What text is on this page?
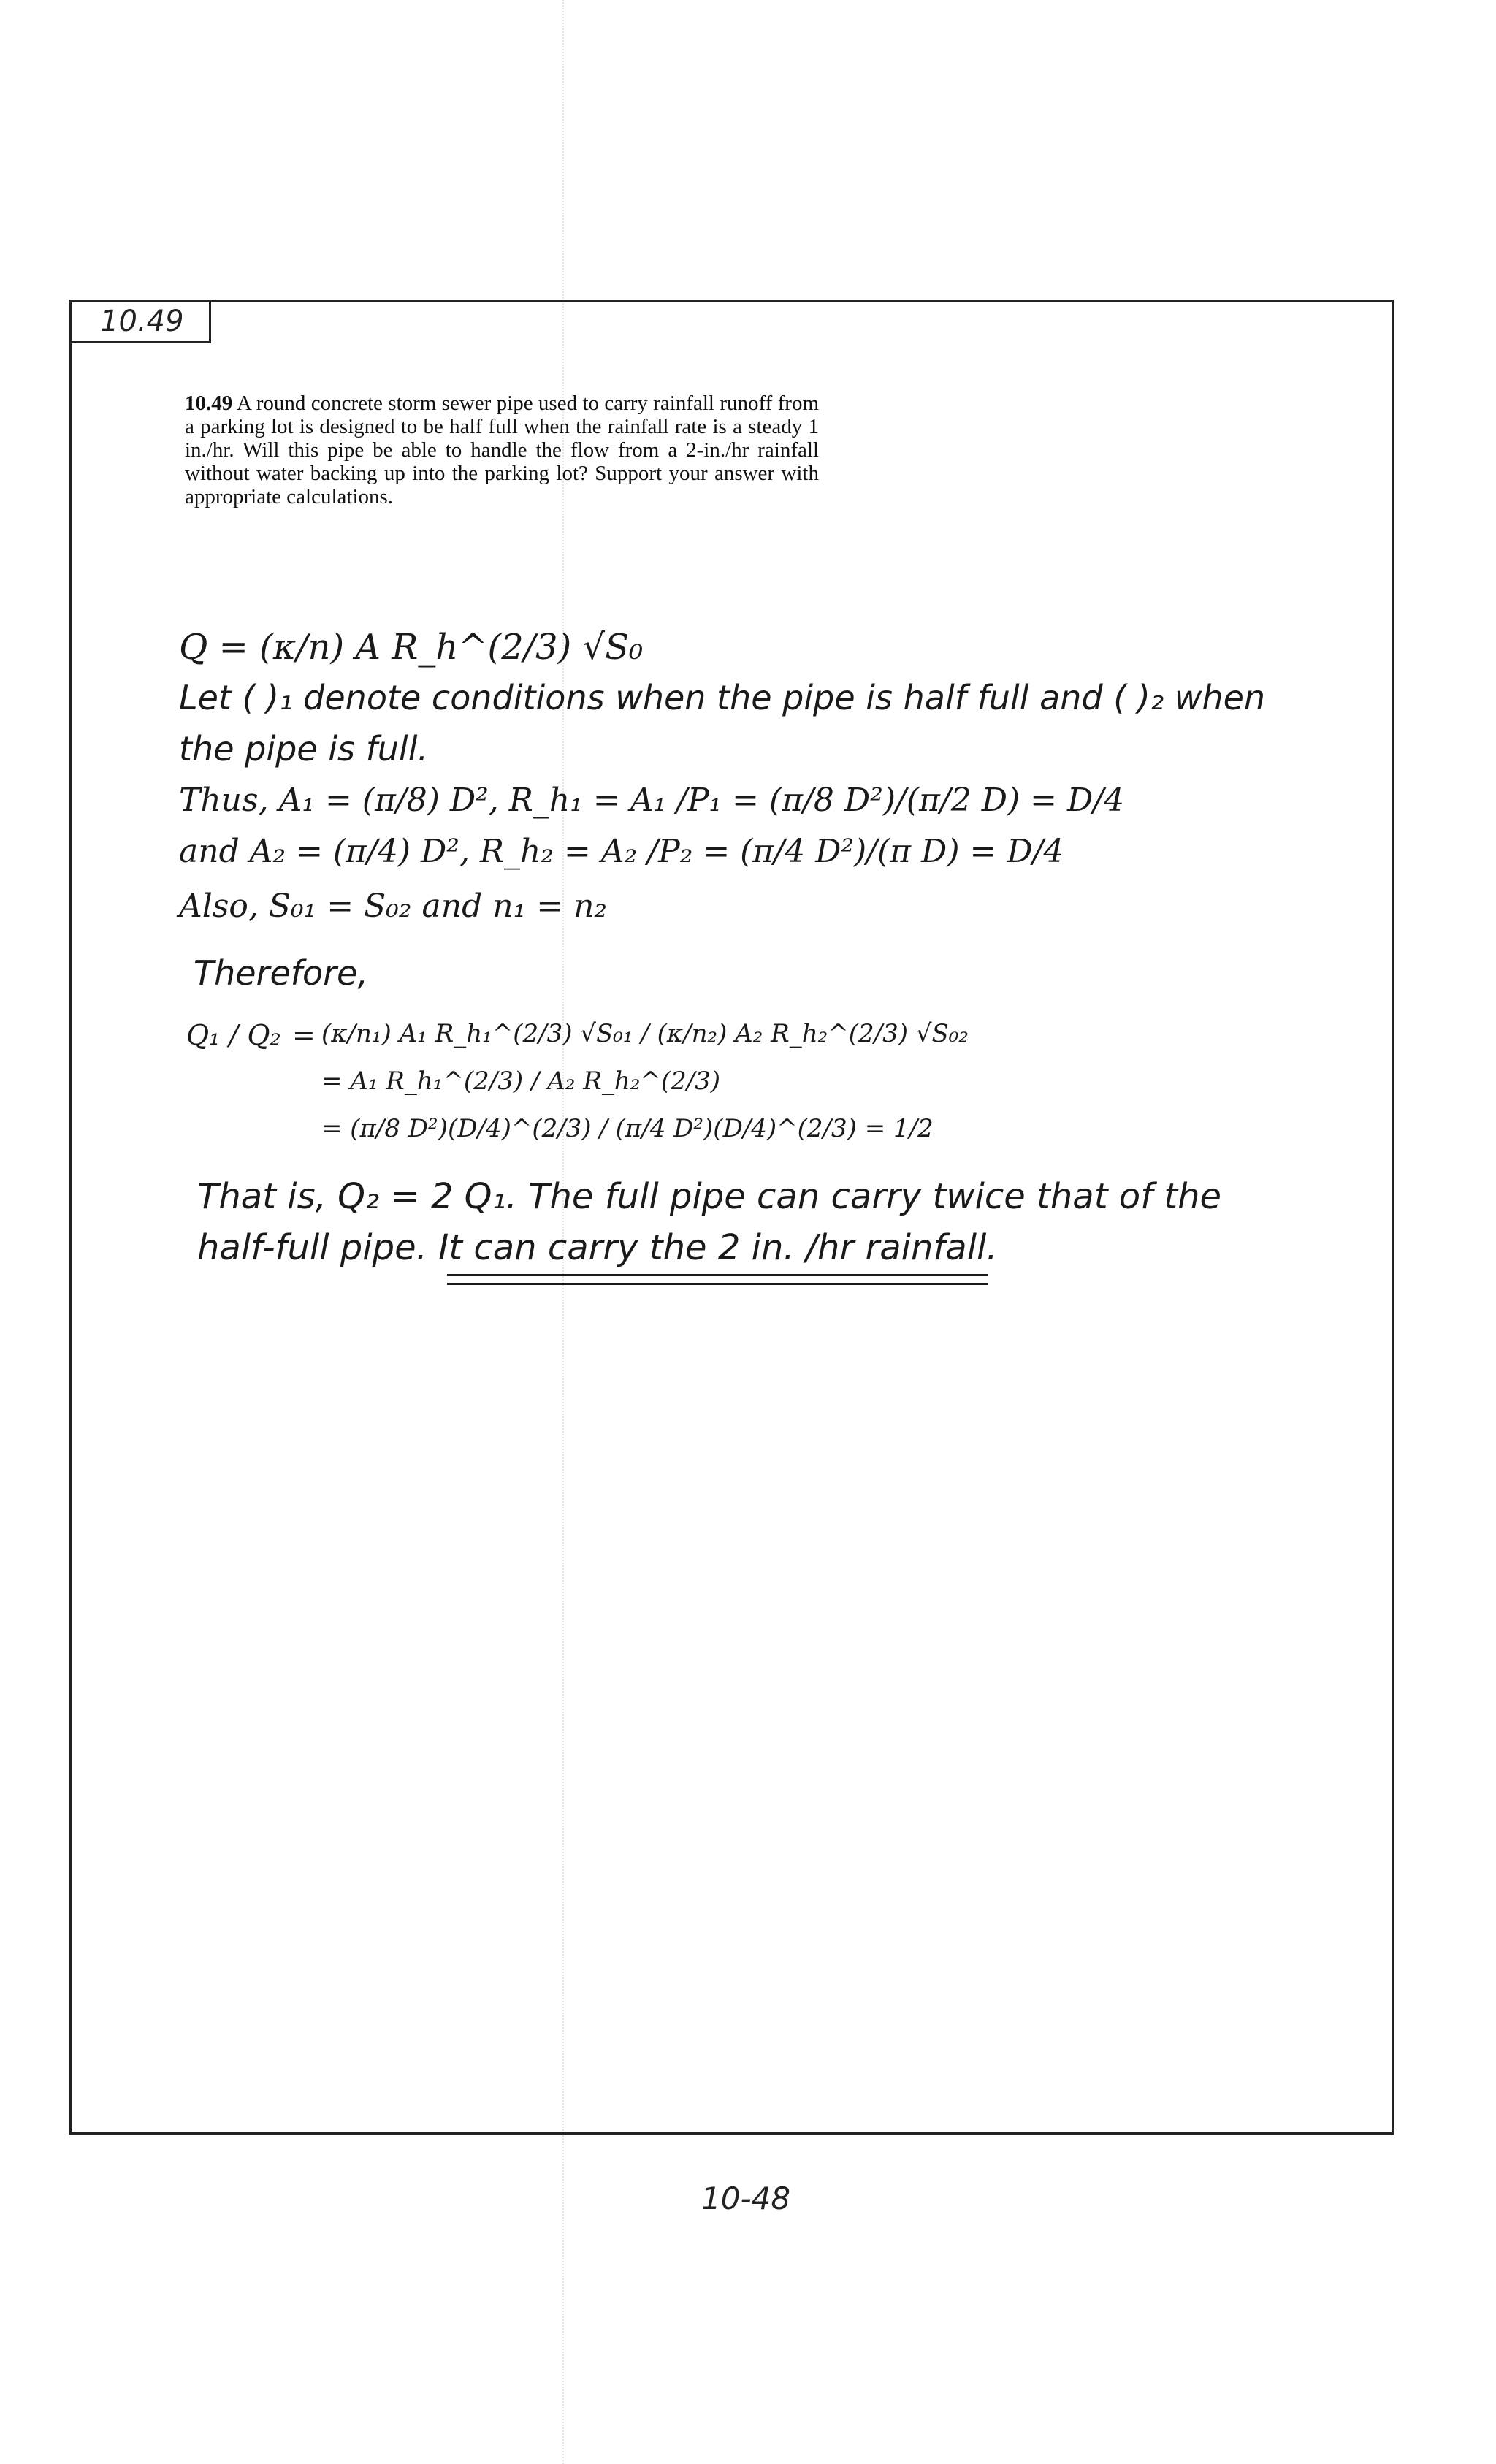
10.49
10.49 A round concrete storm sewer pipe used to carry rainfall runoff from a parking lot is designed to be half full when the rainfall rate is a steady 1 in./hr. Will this pipe be able to handle the flow from a 2-in./hr rainfall without water backing up into the parking lot? Support your answer with appropriate calculations.
Q = (κ/n) A R_h^(2/3) √S₀
Let ( )₁ denote conditions when the pipe is half full and ( )₂ when
the pipe is full.
Thus, A₁ = (π/8) D², R_h₁ = A₁ /P₁ = (π/8 D²)/(π/2 D) = D/4
and A₂ = (π/4) D², R_h₂ = A₂ /P₂ = (π/4 D²)/(π D) = D/4
Also, S₀₁ = S₀₂ and n₁ = n₂
Therefore,
Q₁ / Q₂ = (κ/n₁) A₁ R_h₁^(2/3) √S₀₁ / (κ/n₂) A₂ R_h₂^(2/3) √S₀₂
= A₁ R_h₁^(2/3) / A₂ R_h₂^(2/3)
= (π/8 D²)(D/4)^(2/3) / (π/4 D²)(D/4)^(2/3) = 1/2
That is, Q₂ = 2 Q₁. The full pipe can carry twice that of the
half-full pipe. It can carry the 2 in. /hr rainfall.
10-48
